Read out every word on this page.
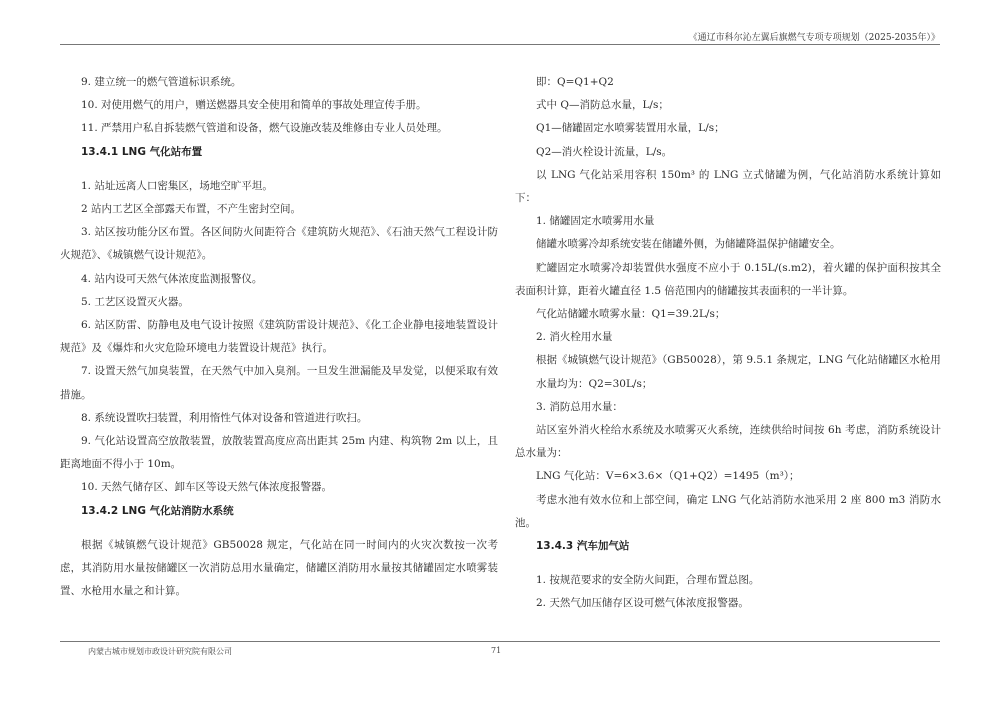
《通辽市科尔沁左翼后旗燃气专项专项规划（2025-2035年）》
9. 建立统一的燃气管道标识系统。
10. 对使用燃气的用户，赠送燃器具安全使用和简单的事故处理宣传手册。
11. 严禁用户私自拆装燃气管道和设备，燃气设施改装及维修由专业人员处理。
13.4.1 LNG 气化站布置
1. 站址远离人口密集区，场地空旷平坦。
2 站内工艺区全部露天布置，不产生密封空间。
3. 站区按功能分区布置。各区间防火间距符合《建筑防火规范》、《石油天然气工程设计防火规范》、《城镇燃气设计规范》。
4. 站内设可天然气体浓度监测报警仪。
5. 工艺区设置灭火器。
6. 站区防雷、防静电及电气设计按照《建筑防雷设计规范》、《化工企业静电接地装置设计规范》及《爆炸和火灾危险环境电力装置设计规范》执行。
7. 设置天然气加臭装置，在天然气中加入臭剂。一旦发生泄漏能及早发觉，以便采取有效措施。
8. 系统设置吹扫装置，利用惰性气体对设备和管道进行吹扫。
9. 气化站设置高空放散装置，放散装置高度应高出距其 25m 内建、构筑物 2m 以上，且距离地面不得小于 10m。
10. 天然气储存区、卸车区等设天然气体浓度报警器。
13.4.2 LNG 气化站消防水系统
根据《城镇燃气设计规范》GB50028 规定，气化站在同一时间内的火灾次数按一次考虑，其消防用水量按储罐区一次消防总用水量确定，储罐区消防用水量按其储罐固定水喷雾装置、水枪用水量之和计算。
即：Q=Q1+Q2
式中 Q—消防总水量，L/s；
Q1—储罐固定水喷雾装置用水量，L/s；
Q2—消火栓设计流量，L/s。
以 LNG 气化站采用容积 150m³ 的 LNG 立式储罐为例，气化站消防水系统计算如下：
1. 储罐固定水喷雾用水量
储罐水喷雾冷却系统安装在储罐外侧，为储罐降温保护储罐安全。
贮罐固定水喷雾冷却装置供水强度不应小于 0.15L/(s.m2)，着火罐的保护面积按其全表面积计算，距着火罐直径 1.5 倍范围内的储罐按其表面积的一半计算。
气化站储罐水喷雾水量：Q1=39.2L/s；
2. 消火栓用水量
根据《城镇燃气设计规范》（GB50028），第 9.5.1 条规定，LNG 气化站储罐区水枪用
水量均为：Q2=30L/s；
3. 消防总用水量：
站区室外消火栓给水系统及水喷雾灭火系统，连续供给时间按 6h 考虑，消防系统设计总水量为：
LNG 气化站：V=6×3.6×（Q1+Q2）=1495（m³）；
考虑水池有效水位和上部空间，确定 LNG 气化站消防水池采用 2 座 800 m3 消防水池。
13.4.3 汽车加气站
1. 按规范要求的安全防火间距，合理布置总图。
2. 天然气加压储存区设可燃气体浓度报警器。
内蒙古城市规划市政设计研究院有限公司	71
